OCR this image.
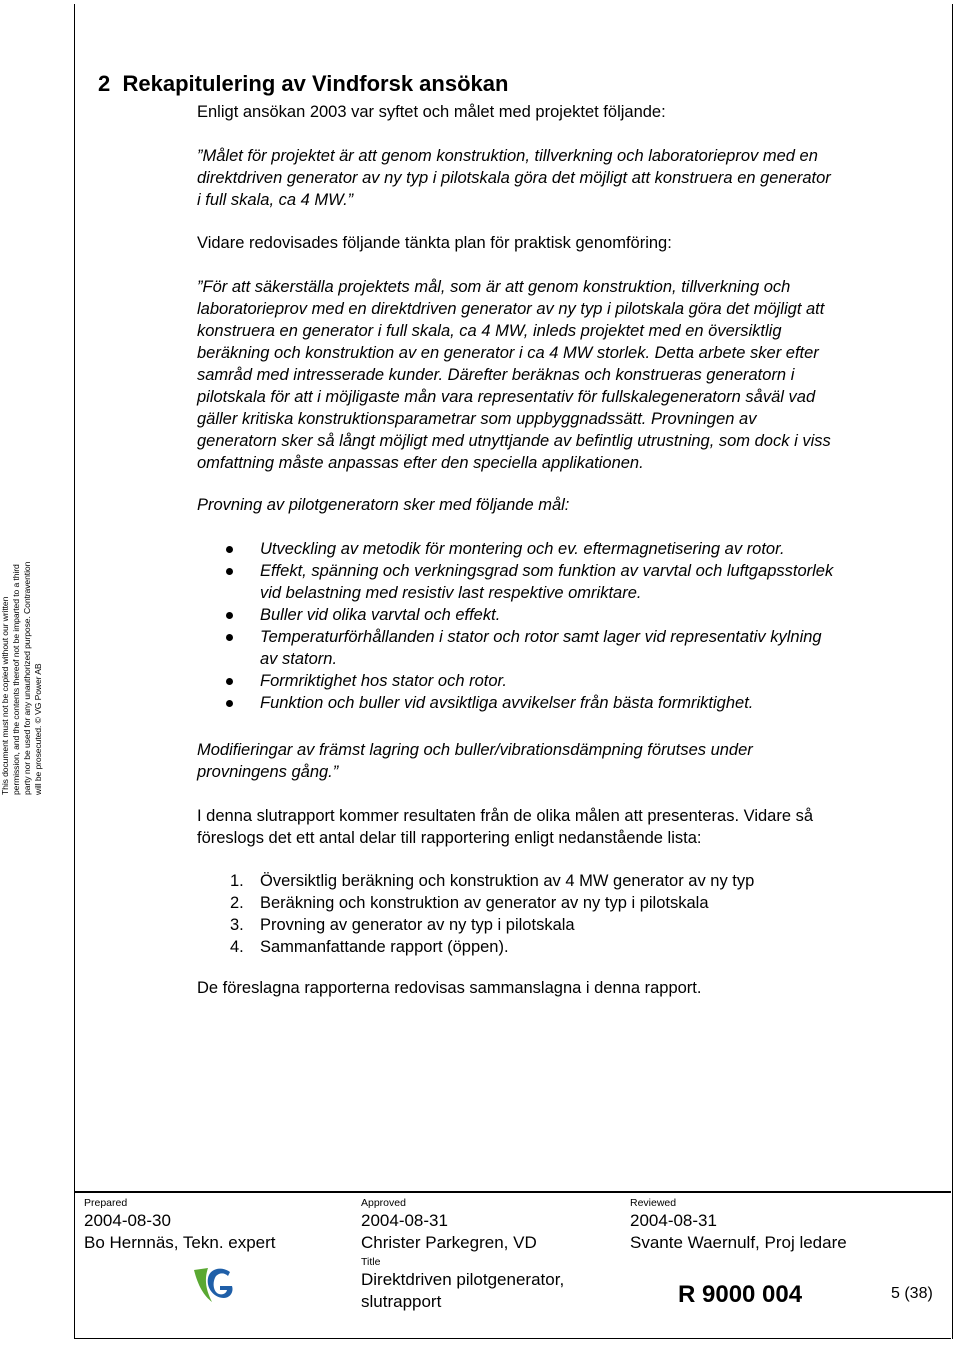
2 Rekapitulering av Vindforsk ansökan

Enligt ansökan 2003 var syftet och målet med projektet följande:

”Målet för projektet är att genom konstruktion, tillverkning och laboratorieprov med en
direktdriven generator av ny typ i pilotskala göra det möjligt att konstruera en generator
i full skala, ca 4 MW.”

Vidare redovisades följande tänkta plan för praktisk genomföring:

”För att säkerställa projektets mål, som är att genom konstruktion, tillverkning och
laboratorieprov med en direktdriven generator av ny typ i pilotskala göra det möjligt att
konstruera en generator i full skala, ca 4 MW, inleds projektet med en översiktlig
beräkning och konstruktion av en generator i ca 4 MW storlek. Detta arbete sker efter
samråd med intresserade kunder. Därefter beräknas och konstrueras generatorn i
pilotskala för att i möjligaste mån vara representativ för fullskalegeneratorn såväl vad
gäller kritiska konstruktionsparametrar som uppbyggnadssätt. Provningen av
generatorn sker så långt möjligt med utnyttjande av befintlig utrustning, som dock i viss
omfattning måste anpassas efter den speciella applikationen.

Provning av pilotgeneratorn sker med följande mål:

Utveckling av metodik för montering och ev. eftermagnetisering av rotor.
Effekt, spänning och verkningsgrad som funktion av varvtal och luftgapsstorlek
vid belastning med resistiv last respektive omriktare.
Buller vid olika varvtal och effekt.
Temperaturförhållanden i stator och rotor samt lager vid representativ kylning
av statorn.
Formriktighet hos stator och rotor.
Funktion och buller vid avsiktliga avvikelser från bästa formriktighet.
Modifieringar av främst lagring och buller/vibrationsdämpning förutses under
provningens gång.”
I denna slutrapport kommer resultaten från de olika målen att presenteras. Vidare så
föreslogs det ett antal delar till rapportering enligt nedanstående lista:
1. Översiktlig beräkning och konstruktion av 4 MW generator av ny typ
2. Beräkning och konstruktion av generator av ny typ i pilotskala
3. Provning av generator av ny typ i pilotskala
4. Sammanfattande rapport (öppen).

De föreslagna rapporterna redovisas sammanslagna i denna rapport.

This document must not be copied without our written
permission, and the contents thereof not be imparted to a third
party nor be used for any unauthorized purpose. Contravention
will be prosecuted. © VG Power AB
Prepared
2004-08-30
Bo Hernnäs, Tekn. expert
Approved
2004-08-31
Christer Parkegren, VD
Reviewed
2004-08-31
Svante Waernulf, Proj ledare
Title
Direktdriven pilotgenerator,
slutrapport	R 9000 004	5 (38)
